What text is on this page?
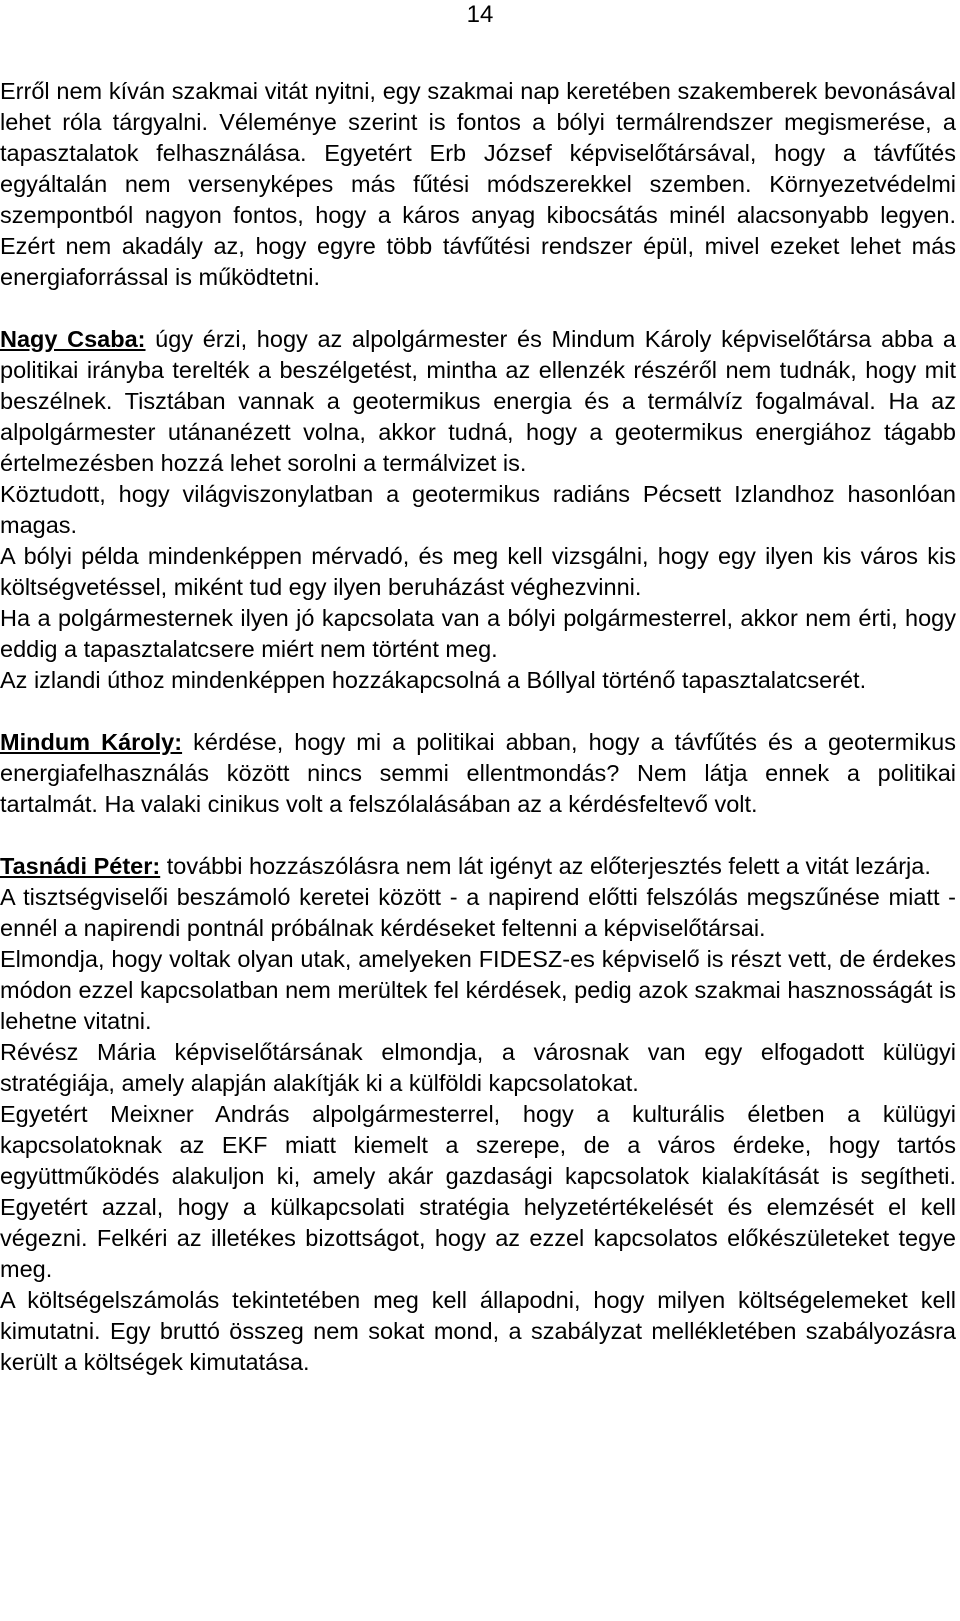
14

Erről nem kíván szakmai vitát nyitni, egy szakmai nap keretében szakemberek bevonásával lehet róla tárgyalni. Véleménye szerint is fontos a bólyi termálrendszer megismerése, a tapasztalatok felhasználása. Egyetért Erb József képviselőtársával, hogy a távfűtés egyáltalán nem versenyképes más fűtési módszerekkel szemben. Környezetvédelmi szempontból nagyon fontos, hogy a káros anyag kibocsátás minél alacsonyabb legyen. Ezért nem akadály az, hogy egyre több távfűtési rendszer épül, mivel ezeket lehet más energiaforrással is működtetni.

Nagy Csaba: úgy érzi, hogy az alpolgármester és Mindum Károly képviselőtársa abba a politikai irányba terelték a beszélgetést, mintha az ellenzék részéről nem tudnák, hogy mit beszélnek. Tisztában vannak a geotermikus energia és a termálvíz fogalmával. Ha az alpolgármester utánanézett volna, akkor tudná, hogy a geotermikus energiához tágabb értelmezésben hozzá lehet sorolni a termálvizet is.

Köztudott, hogy világviszonylatban a geotermikus radiáns Pécsett Izlandhoz hasonlóan magas.

A bólyi példa mindenképpen mérvadó, és meg kell vizsgálni, hogy egy ilyen kis város kis költségvetéssel, miként tud egy ilyen beruházást véghezvinni.

Ha a polgármesternek ilyen jó kapcsolata van a bólyi polgármesterrel, akkor nem érti, hogy eddig a tapasztalatcsere miért nem történt meg.

Az izlandi úthoz mindenképpen hozzákapcsolná a Bóllyal történő tapasztalatcserét.

Mindum Károly: kérdése, hogy mi a politikai abban, hogy a távfűtés és a geotermikus energiafelhasználás között nincs semmi ellentmondás? Nem látja ennek a politikai tartalmát. Ha valaki cinikus volt a felszólalásában az a kérdésfeltevő volt.

Tasnádi Péter: további hozzászólásra nem lát igényt az előterjesztés felett a vitát lezárja.

A tisztségviselői beszámoló keretei között - a napirend előtti felszólás megszűnése miatt - ennél a napirendi pontnál próbálnak kérdéseket feltenni a képviselőtársai.

Elmondja, hogy voltak olyan utak, amelyeken FIDESZ-es képviselő is részt vett, de érdekes módon ezzel kapcsolatban nem merültek fel kérdések, pedig azok szakmai hasznosságát is lehetne vitatni.

Révész Mária képviselőtársának elmondja, a városnak van egy elfogadott külügyi stratégiája, amely alapján alakítják ki a külföldi kapcsolatokat.

Egyetért Meixner András alpolgármesterrel, hogy a kulturális életben a külügyi kapcsolatoknak az EKF miatt kiemelt a szerepe, de a város érdeke, hogy tartós együttműködés alakuljon ki, amely akár gazdasági kapcsolatok kialakítását is segítheti. Egyetért azzal, hogy a külkapcsolati stratégia helyzetértékelését és elemzését el kell végezni. Felkéri az illetékes bizottságot, hogy az ezzel kapcsolatos előkészületeket tegye meg.

A költségelszámolás tekintetében meg kell állapodni, hogy milyen költségelemeket kell kimutatni. Egy bruttó összeg nem sokat mond, a szabályzat mellékletében szabályozásra került a költségek kimutatása.
